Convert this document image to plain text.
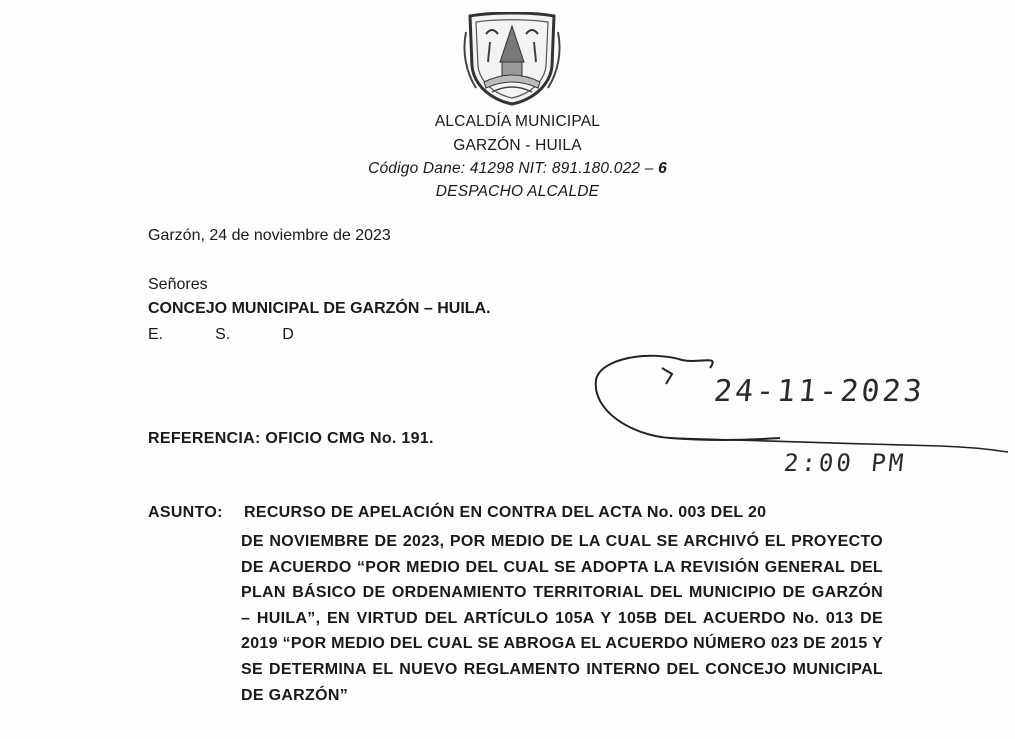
ALCALDÍA MUNICIPAL
GARZÓN - HUILA
Código Dane: 41298 NIT: 891.180.022 – 6
DESPACHO ALCALDE
Garzón, 24 de noviembre de 2023
Señores
CONCEJO MUNICIPAL DE GARZÓN – HUILA.
E.	S.	D
REFERENCIA: OFICIO CMG No. 191.
ASUNTO: RECURSO DE APELACIÓN EN CONTRA DEL ACTA No. 003 DEL 20
DE NOVIEMBRE DE 2023, POR MEDIO DE LA CUAL SE ARCHIVÓ EL PROYECTO DE ACUERDO “POR MEDIO DEL CUAL SE ADOPTA LA REVISIÓN GENERAL DEL PLAN BÁSICO DE ORDENAMIENTO TERRITORIAL DEL MUNICIPIO DE GARZÓN – HUILA”, EN VIRTUD DEL ARTÍCULO 105A Y 105B DEL ACUERDO No. 013 DE 2019 “POR MEDIO DEL CUAL SE ABROGA EL ACUERDO NÚMERO 023 DE 2015 Y SE DETERMINA EL NUEVO REGLAMENTO INTERNO DEL CONCEJO MUNICIPAL DE GARZÓN”
24-11-2023
2:00 PM
